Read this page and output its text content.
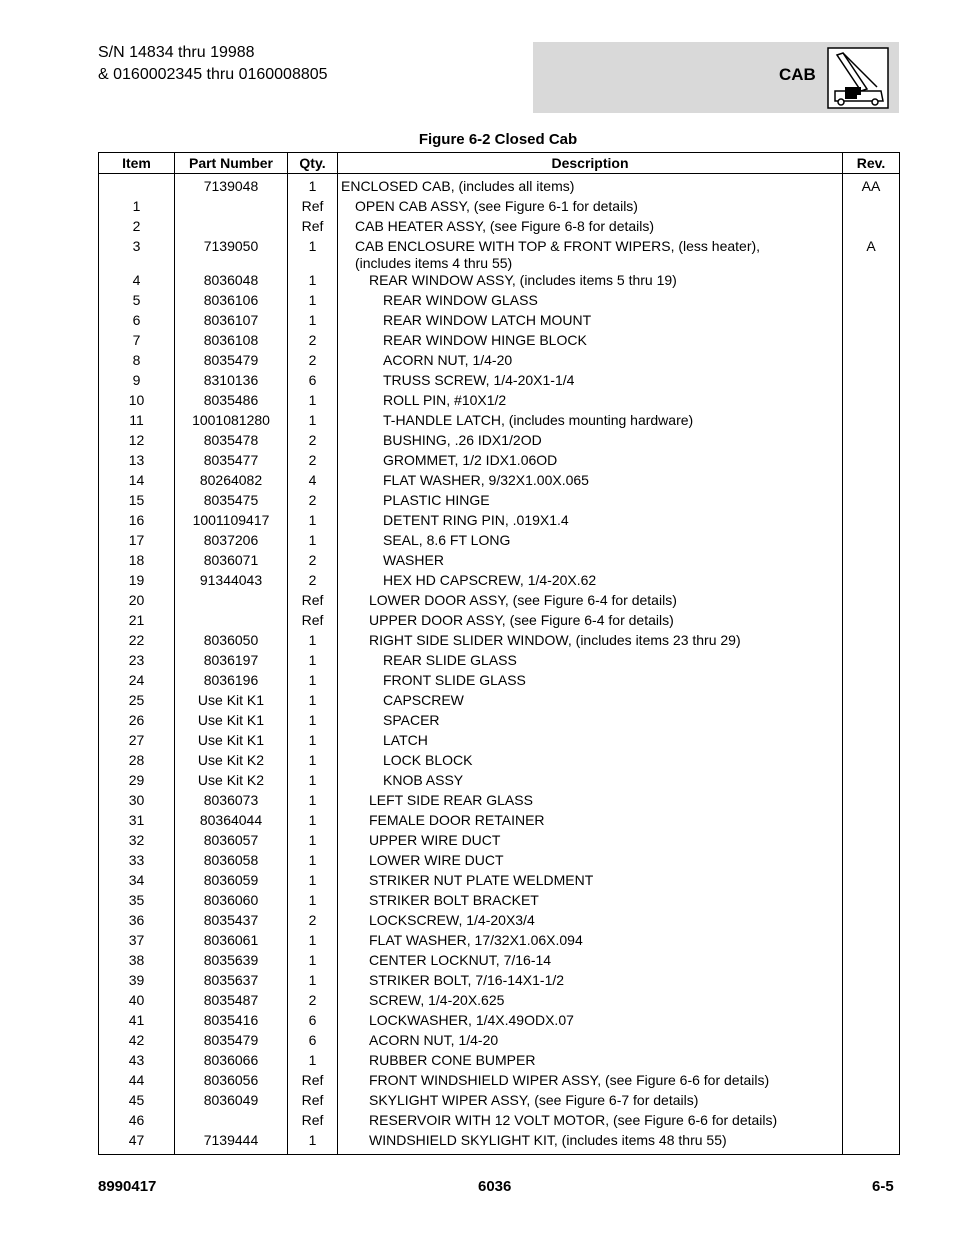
S/N 14834 thru 19988
& 0160002345 thru 0160008805	CAB
Figure 6-2 Closed Cab
Item	Part Number	Qty.	Description	Rev.
	7139048	1	ENCLOSED CAB, (includes all items)	AA
1		Ref	OPEN CAB ASSY, (see Figure 6-1 for details)	

2		Ref	CAB HEATER ASSY, (see Figure 6-8 for details)	

3	7139050	1	CAB ENCLOSURE WITH TOP & FRONT WIPERS, (less heater),
(includes items 4 thru 55)	A
4	8036048	1	REAR WINDOW ASSY, (includes items 5 thru 19)	

5	8036106	1	REAR WINDOW GLASS	

6	8036107	1	REAR WINDOW LATCH MOUNT	

7	8036108	2	REAR WINDOW HINGE BLOCK	

8	8035479	2	ACORN NUT, 1/4-20	

9	8310136	6	TRUSS SCREW, 1/4-20X1-1/4	

10	8035486	1	ROLL PIN, #10X1/2	

11	1001081280	1	T-HANDLE LATCH, (includes mounting hardware)	

12	8035478	2	BUSHING, .26 IDX1/2OD	

13	8035477	2	GROMMET, 1/2 IDX1.06OD	

14	80264082	4	FLAT WASHER, 9/32X1.00X.065	

15	8035475	2	PLASTIC HINGE	

16	1001109417	1	DETENT RING PIN, .019X1.4	

17	8037206	1	SEAL, 8.6 FT LONG	

18	8036071	2	WASHER	

19	91344043	2	HEX HD CAPSCREW, 1/4-20X.62	

20		Ref	LOWER DOOR ASSY, (see Figure 6-4 for details)	

21		Ref	UPPER DOOR ASSY, (see Figure 6-4 for details)	

22	8036050	1	RIGHT SIDE SLIDER WINDOW, (includes items 23 thru 29)	

23	8036197	1	REAR SLIDE GLASS	

24	8036196	1	FRONT SLIDE GLASS	

25	Use Kit K1	1	CAPSCREW	

26	Use Kit K1	1	SPACER	

27	Use Kit K1	1	LATCH	

28	Use Kit K2	1	LOCK BLOCK	

29	Use Kit K2	1	KNOB ASSY	

30	8036073	1	LEFT SIDE REAR GLASS	

31	80364044	1	FEMALE DOOR RETAINER	

32	8036057	1	UPPER WIRE DUCT	

33	8036058	1	LOWER WIRE DUCT	

34	8036059	1	STRIKER NUT PLATE WELDMENT	

35	8036060	1	STRIKER BOLT BRACKET	

36	8035437	2	LOCKSCREW, 1/4-20X3/4	

37	8036061	1	FLAT WASHER, 17/32X1.06X.094	

38	8035639	1	CENTER LOCKNUT, 7/16-14	

39	8035637	1	STRIKER BOLT, 7/16-14X1-1/2	

40	8035487	2	SCREW, 1/4-20X.625	

41	8035416	6	LOCKWASHER, 1/4X.49ODX.07	

42	8035479	6	ACORN NUT, 1/4-20	

43	8036066	1	RUBBER CONE BUMPER	

44	8036056	Ref	FRONT WINDSHIELD WIPER ASSY, (see Figure 6-6 for details)	

45	8036049	Ref	SKYLIGHT WIPER ASSY, (see Figure 6-7 for details)	

46		Ref	RESERVOIR WITH 12 VOLT MOTOR, (see Figure 6-6 for details)	

47	7139444	1	WINDSHIELD SKYLIGHT KIT, (includes items 48 thru 55)	

8990417	6036	6-5
